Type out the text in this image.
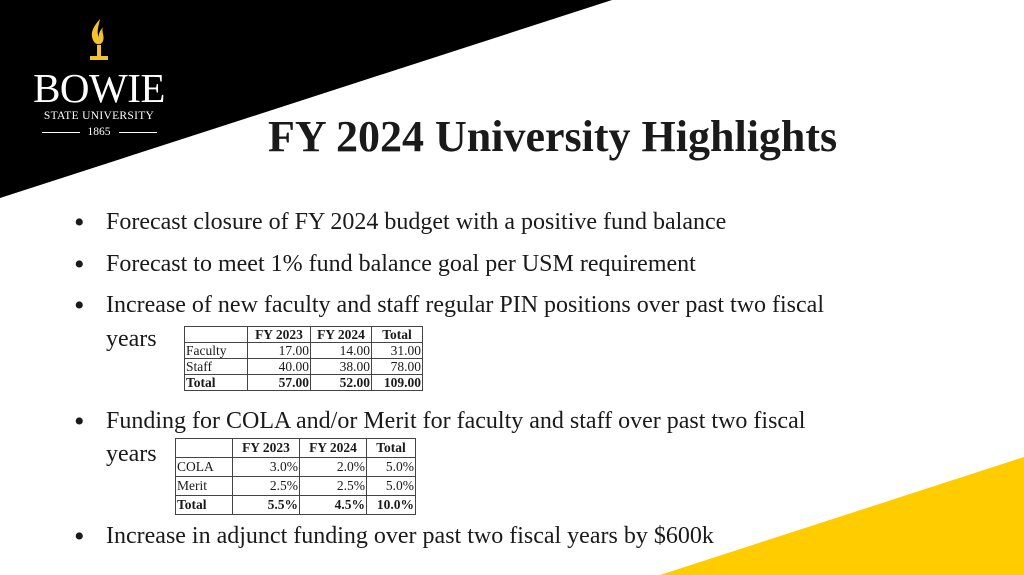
BOWIE
STATE UNIVERSITY
1865	FY 2024 University Highlights
• Forecast closure of FY 2024 budget with a positive fund balance
• Forecast to meet 1% fund balance goal per USM requirement
• Increase of new faculty and staff regular PIN positions over past two fiscal
years
		FY 2023	FY 2024	Total
Faculty	17.00	14.00	31.00
Staff	40.00	38.00	78.00
Total	57.00	52.00	109.00
• Funding for COLA and/or Merit for faculty and staff over past two fiscal
years
		FY 2023	FY 2024	Total
COLA	3.0%	2.0%	5.0%
Merit	2.5%	2.5%	5.0%
Total	5.5%	4.5%	10.0%
• Increase in adjunct funding over past two fiscal years by $600k
